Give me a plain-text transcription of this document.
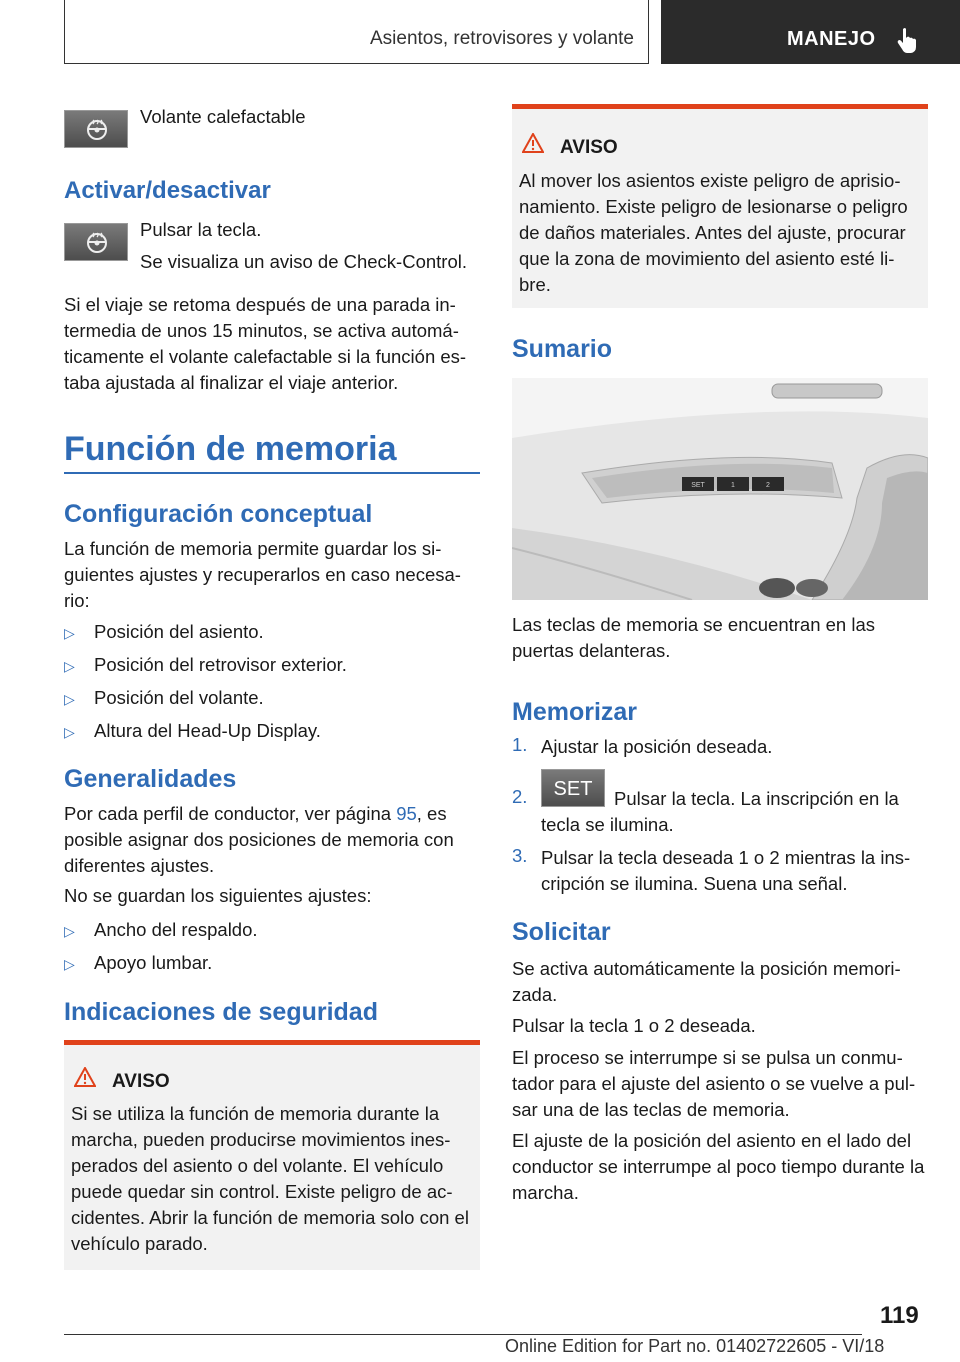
Asientos, retrovisores y volante	MANEJO

Volante calefactable

Activar/desactivar

Pulsar la tecla.

Se visualiza un aviso de Check-Control.

Si el viaje se retoma después de una parada in- termedia de unos 15 minutos, se activa automá- ticamente el volante calefactable si la función es- taba ajustada al finalizar el viaje anterior.

Función de memoria
Configuración conceptual

La función de memoria permite guardar los si- guientes ajustes y recuperarlos en caso necesa- rio:

▷ Posición del asiento.

▷ Posición del retrovisor exterior.

▷ Posición del volante.

▷ Altura del Head-Up Display.

Generalidades

Por cada perfil de conductor, ver página 95, es posible asignar dos posiciones de memoria con diferentes ajustes.

No se guardan los siguientes ajustes:

▷ Ancho del respaldo.

▷ Apoyo lumbar.

Indicaciones de seguridad
AVISO

Si se utiliza la función de memoria durante la marcha, pueden producirse movimientos ines- perados del asiento o del volante. El vehículo puede quedar sin control. Existe peligro de ac- cidentes. Abrir la función de memoria solo con el vehículo parado.

AVISO

Al mover los asientos existe peligro de aprisio- namiento. Existe peligro de lesionarse o peligro de daños materiales. Antes del ajuste, procurar que la zona de movimiento del asiento esté li- bre.

Sumario
SET	1	2

Las teclas de memoria se encuentran en las puertas delanteras.

Memorizar
1. Ajustar la posición deseada.

2.	SET	Pulsar la tecla. La inscripción en la

tecla se ilumina.

3. Pulsar la tecla deseada 1 o 2 mientras la ins- cripción se ilumina. Suena una señal.

Solicitar

Se activa automáticamente la posición memori- zada.

Pulsar la tecla 1 o 2 deseada.

El proceso se interrumpe si se pulsa un conmu- tador para el ajuste del asiento o se vuelve a pul- sar una de las teclas de memoria.

El ajuste de la posición del asiento en el lado del conductor se interrumpe al poco tiempo durante la marcha.

119
Online Edition for Part no. 01402722605 - VI/18
